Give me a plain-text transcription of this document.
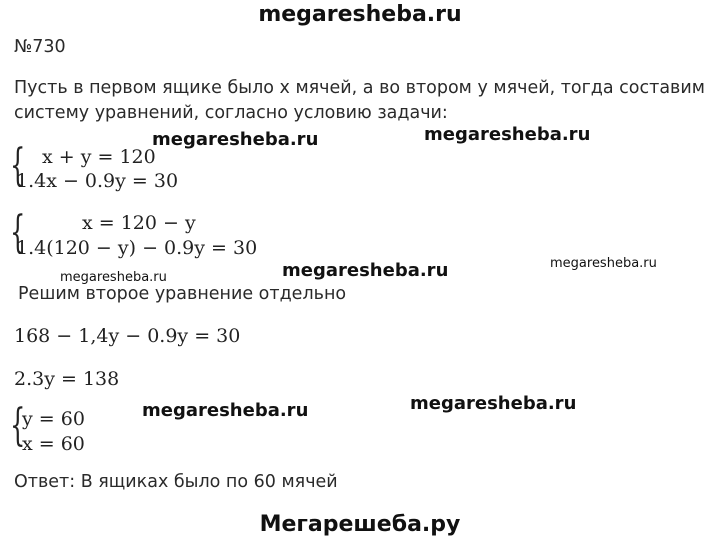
megaresheba.ru
№730
Пусть в первом ящике было x мячей, а во втором y мячей, тогда составим
систему уравнений, согласно условию задачи:
{ x + y = 120
1.4x − 0.9y = 30
{	x = 120 − y
1.4(120 − y) − 0.9y = 30
Решим второе уравнение отдельно
168 − 1,4y − 0.9y = 30
2.3y = 138
{
y = 60
x = 60
Ответ: В ящиках было по 60 мячей
megaresheba.ru	megaresheba.ru
megaresheba.ru	megaresheba.ru	megaresheba.ru
megaresheba.ru	megaresheba.ru
Мегарешеба.ру
